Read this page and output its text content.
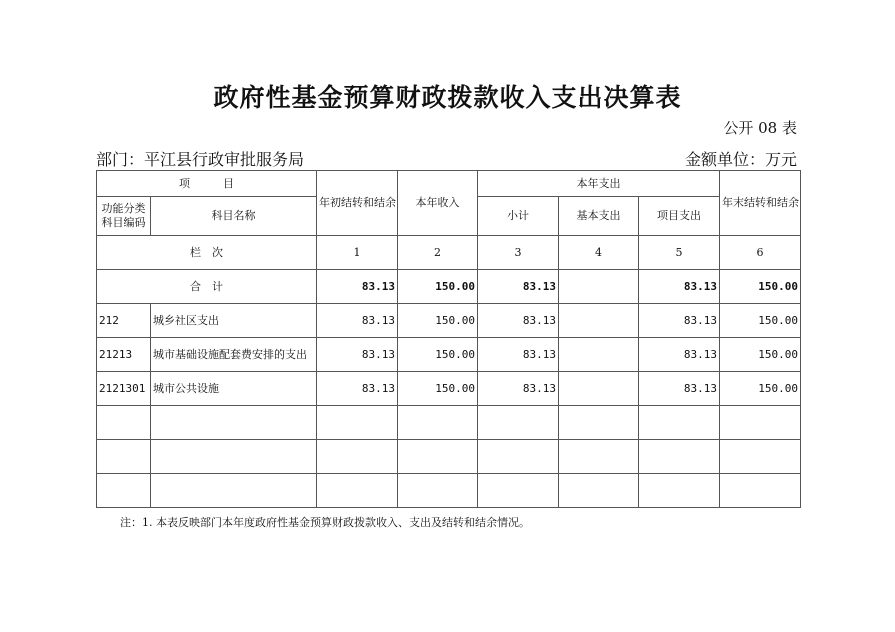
政府性基金预算财政拨款收入支出决算表
公开 08 表
部门：平江县行政审批服务局	金额单位：万元
项　　　目		年初结转和结余	本年收入	本年支出			年末结转和结余
功能分类科目编码	科目名称			小计	基本支出	项目支出	
栏　次		1	2	3	4	5	6
合　计		83.13	150.00	83.13		83.13	150.00
212	城乡社区支出	83.13	150.00	83.13		83.13	150.00
21213	城市基础设施配套费安排的支出	83.13	150.00	83.13		83.13	150.00
2121301	城市公共设施	83.13	150.00	83.13		83.13	150.00

注：1. 本表反映部门本年度政府性基金预算财政拨款收入、支出及结转和结余情况。
